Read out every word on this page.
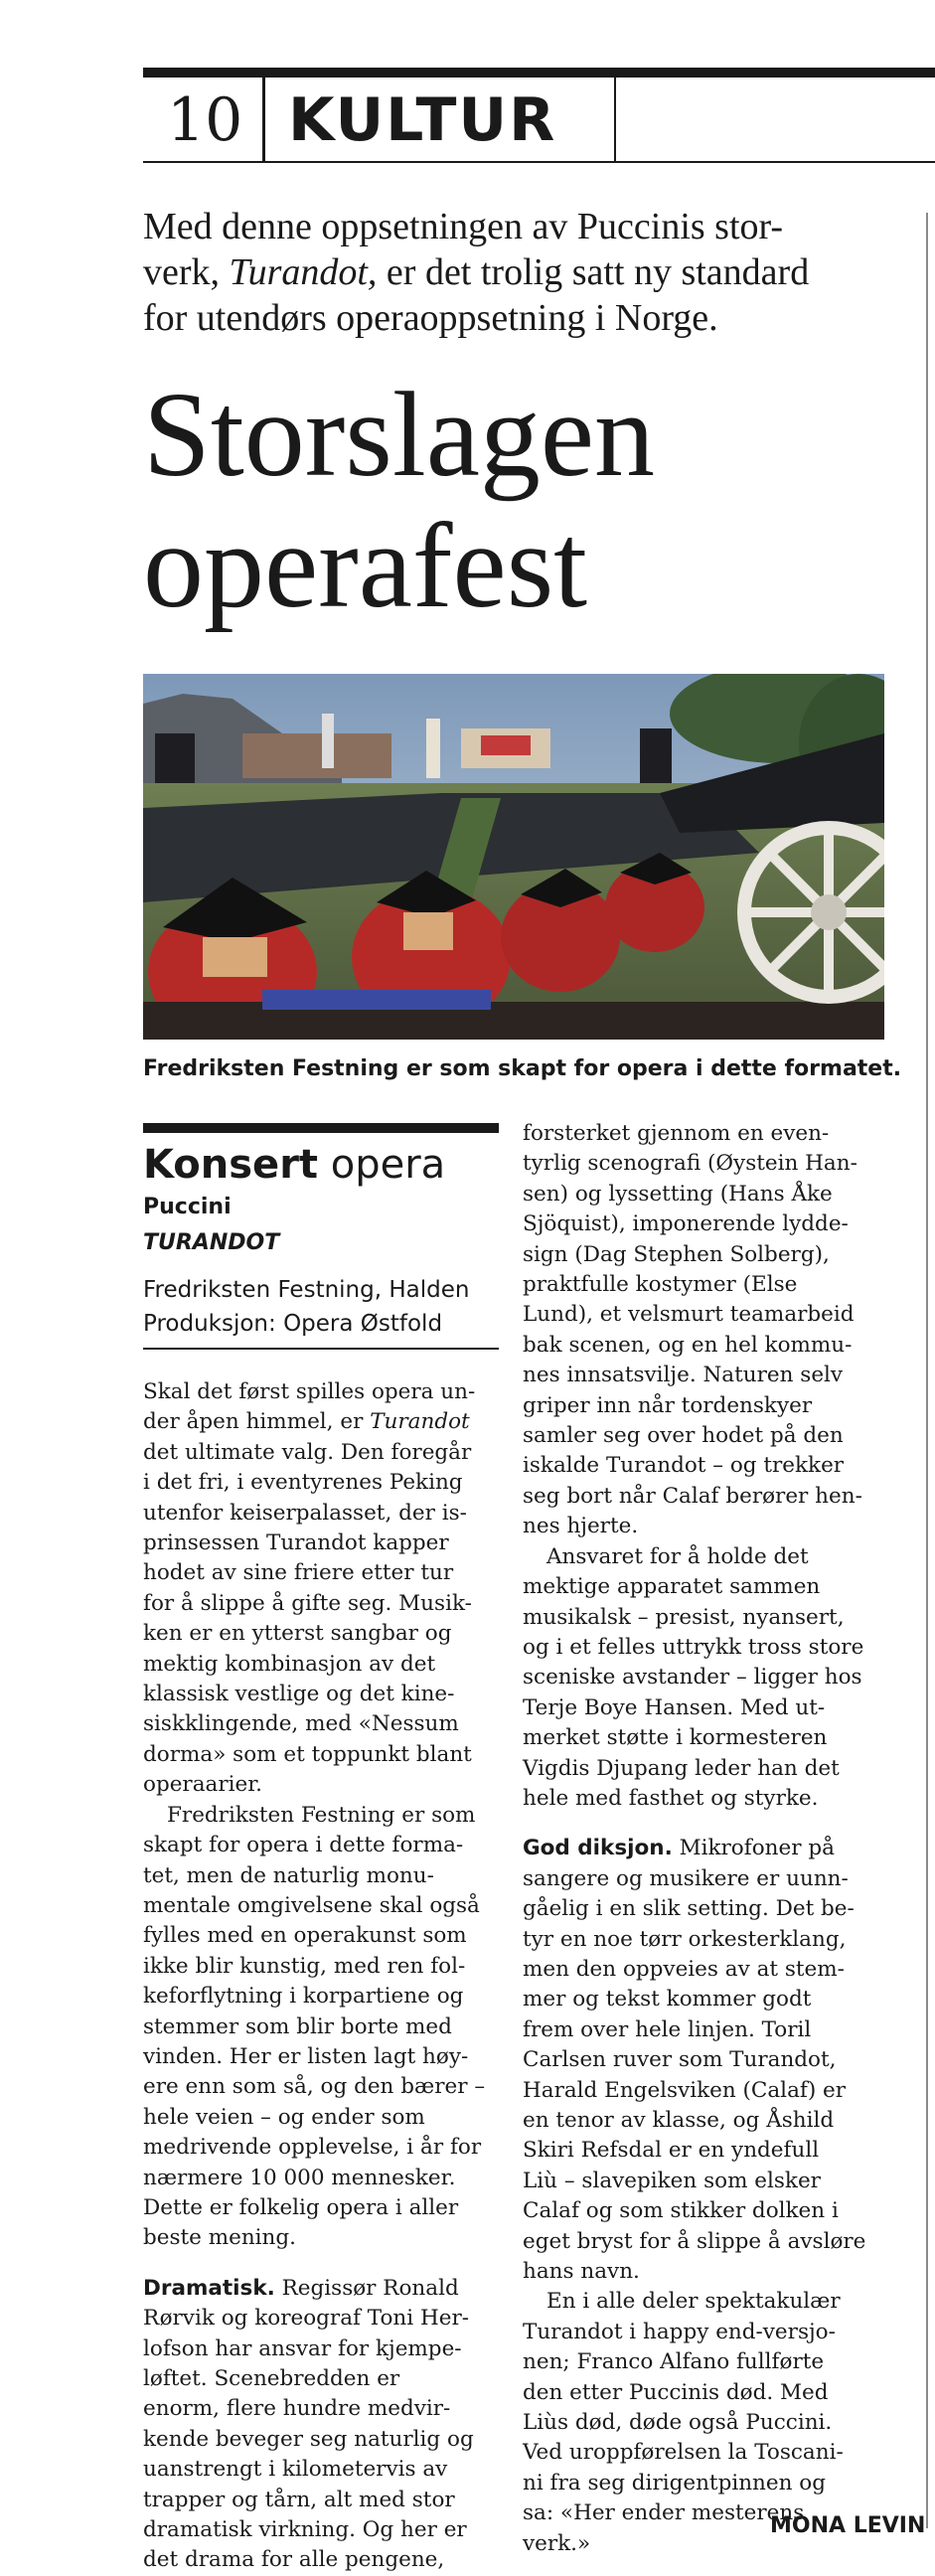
10 KULTUR
Med denne oppsetningen av Puccinis stor-
verk, Turandot, er det trolig satt ny standard
for utendørs operaoppsetning i Norge.
Storslagen
operafest
Fredriksten Festning er som skapt for opera i dette formatet.
Konsert opera
Puccini
TURANDOT
Fredriksten Festning, Halden
Produksjon: Opera Østfold
Skal det først spilles opera un-
der åpen himmel, er Turandot
det ultimate valg. Den foregår
i det fri, i eventyrenes Peking
utenfor keiserpalasset, der is-
prinsessen Turandot kapper
hodet av sine friere etter tur
for å slippe å gifte seg. Musik-
ken er en ytterst sangbar og
mektig kombinasjon av det
klassisk vestlige og det kine-
siskklingende, med «Nessum
dorma» som et toppunkt blant
operaarier.
Fredriksten Festning er som
skapt for opera i dette forma-
tet, men de naturlig monu-
mentale omgivelsene skal også
fylles med en operakunst som
ikke blir kunstig, med ren fol-
keforflytning i korpartiene og
stemmer som blir borte med
vinden. Her er listen lagt høy-
ere enn som så, og den bærer –
hele veien – og ender som
medrivende opplevelse, i år for
nærmere 10 000 mennesker.
Dette er folkelig opera i aller
beste mening.
Dramatisk. Regissør Ronald
Rørvik og koreograf Toni Her-
lofson har ansvar for kjempe-
løftet. Scenebredden er
enorm, flere hundre medvir-
kende beveger seg naturlig og
uanstrengt i kilometervis av
trapper og tårn, alt med stor
dramatisk virkning. Og her er
det drama for alle pengene,
forsterket gjennom en even-
tyrlig scenografi (Øystein Han-
sen) og lyssetting (Hans Åke
Sjöquist), imponerende lydde-
sign (Dag Stephen Solberg),
praktfulle kostymer (Else
Lund), et velsmurt teamarbeid
bak scenen, og en hel kommu-
nes innsatsvilje. Naturen selv
griper inn når tordenskyer
samler seg over hodet på den
iskalde Turandot – og trekker
seg bort når Calaf berører hen-
nes hjerte.
Ansvaret for å holde det
mektige apparatet sammen
musikalsk – presist, nyansert,
og i et felles uttrykk tross store
sceniske avstander – ligger hos
Terje Boye Hansen. Med ut-
merket støtte i kormesteren
Vigdis Djupang leder han det
hele med fasthet og styrke.
God diksjon. Mikrofoner på
sangere og musikere er uunn-
gåelig i en slik setting. Det be-
tyr en noe tørr orkesterklang,
men den oppveies av at stem-
mer og tekst kommer godt
frem over hele linjen. Toril
Carlsen ruver som Turandot,
Harald Engelsviken (Calaf) er
en tenor av klasse, og Åshild
Skiri Refsdal er en yndefull
Liù – slavepiken som elsker
Calaf og som stikker dolken i
eget bryst for å slippe å avsløre
hans navn.
En i alle deler spektakulær
Turandot i happy end-versjo-
nen; Franco Alfano fullførte
den etter Puccinis død. Med
Liùs død, døde også Puccini.
Ved uroppførelsen la Toscani-
ni fra seg dirigentpinnen og
sa: «Her ender mesterens
verk.»
MONA LEVIN
